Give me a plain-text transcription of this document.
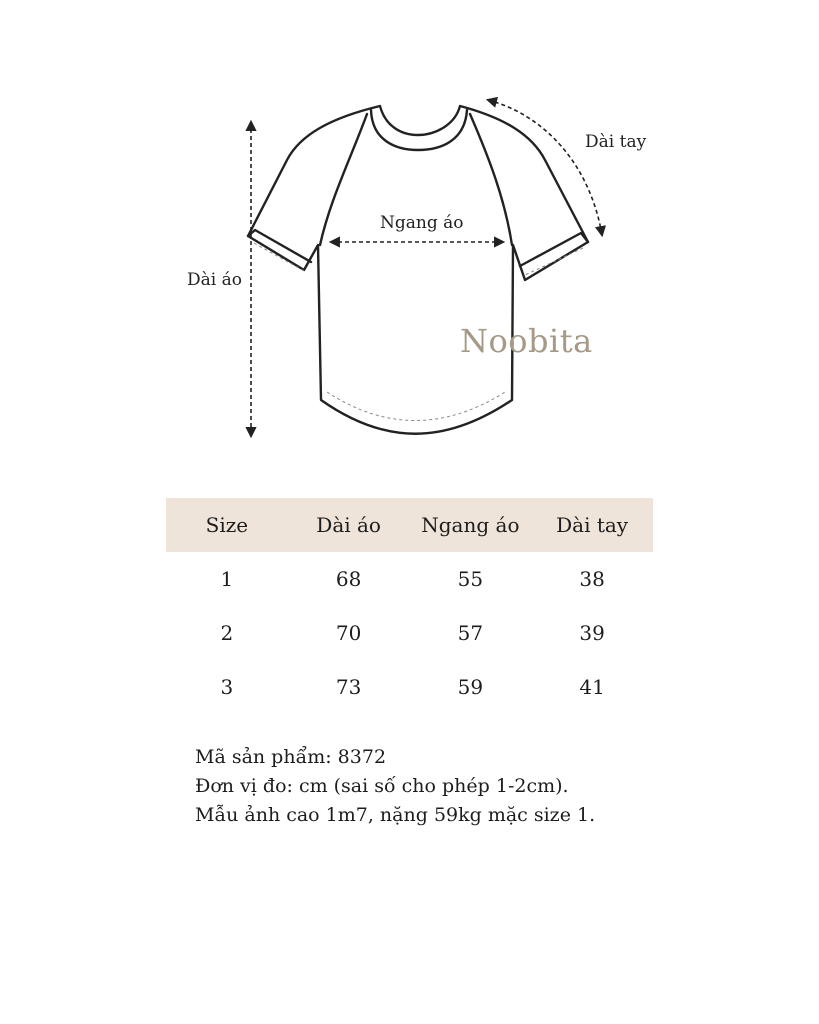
Dài áo
Ngang áo
Dài tay
Noobita
Size	Dài áo	Ngang áo	Dài tay
1	68	55	38
2	70	57	39
3	73	59	41
Mã sản phẩm: 8372
Đơn vị đo: cm (sai số cho phép 1-2cm).
Mẫu ảnh cao 1m7, nặng 59kg mặc size 1.
